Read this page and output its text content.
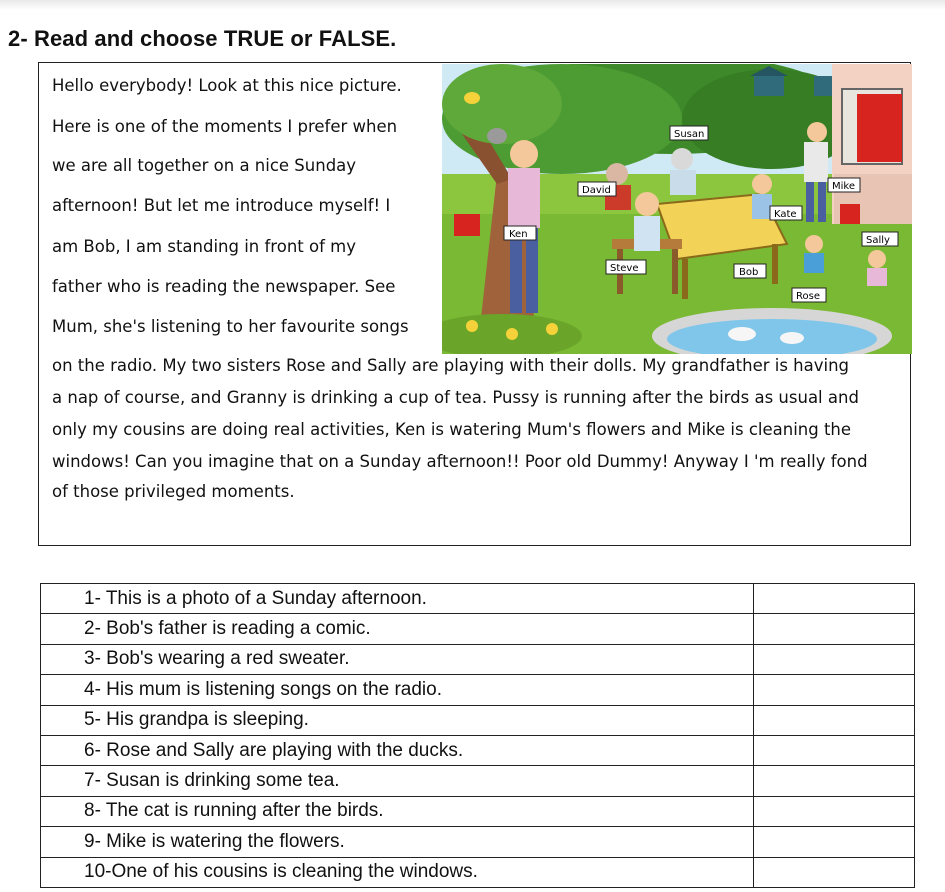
2- Read and choose TRUE or FALSE.
Hello everybody! Look at this nice picture.
Here is one of the moments I prefer when
we are all together on a nice Sunday
afternoon! But let me introduce myself! I
am Bob, I am standing in front of my
father who is reading the newspaper. See
Mum, she's listening to her favourite songs
on the radio. My two sisters Rose and Sally are playing with their dolls. My grandfather is having
a nap of course, and Granny is drinking a cup of tea. Pussy is running after the birds as usual and
only my cousins are doing real activities, Ken is watering Mum's flowers and Mike is cleaning the
windows! Can you imagine that on a Sunday afternoon!! Poor old Dummy! Anyway I 'm really fond
of those privileged moments.
Susan
David	Mike
Kate
Ken
Sally
Steve	Bob
Rose
1- This is a photo of a Sunday afternoon.	
2- Bob's father is reading a comic.	
3- Bob's wearing a red sweater.	
4- His mum is listening songs on the radio.	
5- His grandpa is sleeping.	
6- Rose and Sally are playing with the ducks.	
7- Susan is drinking some tea.	
8- The cat is running after the birds.	
9- Mike is watering the flowers.	
10-One of his cousins is cleaning the windows.	
